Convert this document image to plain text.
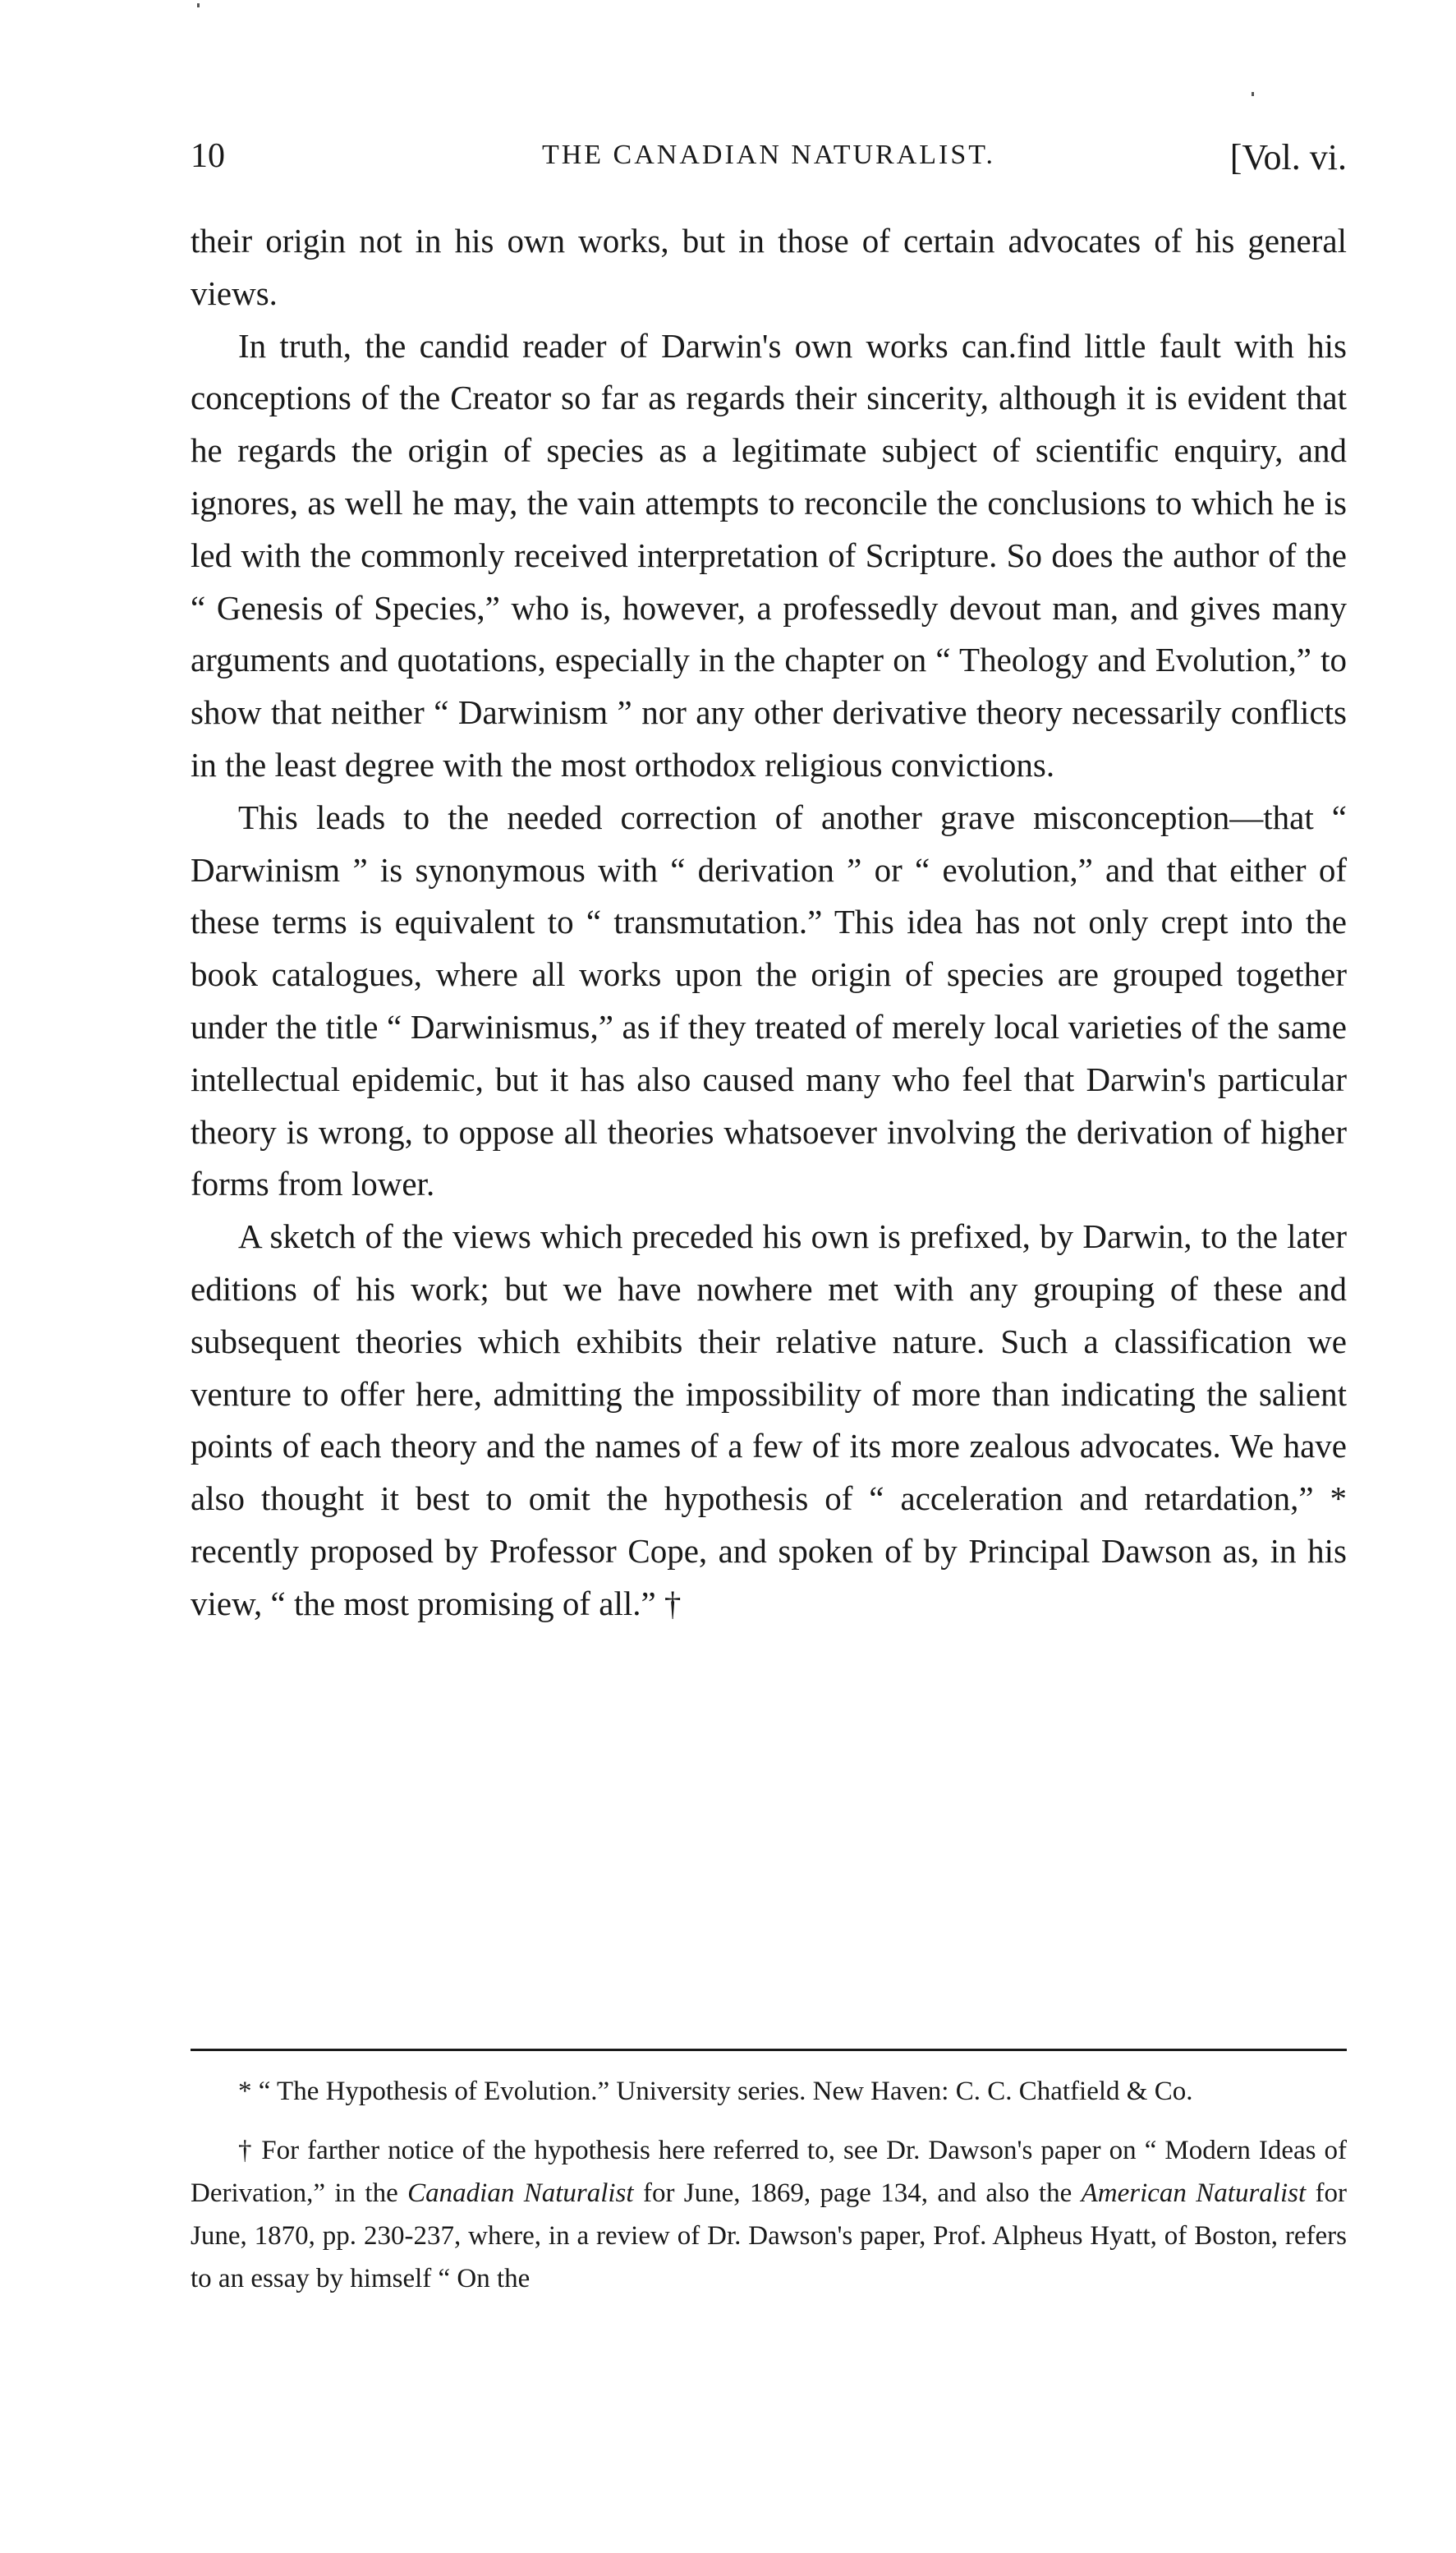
10	THE CANADIAN NATURALIST.	[Vol. vi.

their origin not in his own works, but in those of certain advocates of his general views.

In truth, the candid reader of Darwin's own works can.find little fault with his conceptions of the Creator so far as regards their sincerity, although it is evident that he regards the origin of species as a legitimate subject of scientific enquiry, and ignores, as well he may, the vain attempts to reconcile the conclusions to which he is led with the commonly received interpretation of Scripture. So does the author of the “ Genesis of Species,” who is, however, a professedly devout man, and gives many arguments and quotations, especially in the chapter on “ Theology and Evolution,” to show that neither “ Darwinism ” nor any other derivative theory necessarily conflicts in the least degree with the most orthodox religious convictions.

This leads to the needed correction of another grave misconception—that “ Darwinism ” is synonymous with “ derivation ” or “ evolution,” and that either of these terms is equivalent to “ transmutation.” This idea has not only crept into the book catalogues, where all works upon the origin of species are grouped together under the title “ Darwinismus,” as if they treated of merely local varieties of the same intellectual epidemic, but it has also caused many who feel that Darwin's particular theory is wrong, to oppose all theories whatsoever involving the derivation of higher forms from lower.

A sketch of the views which preceded his own is prefixed, by Darwin, to the later editions of his work; but we have nowhere met with any grouping of these and subsequent theories which exhibits their relative nature. Such a classification we venture to offer here, admitting the impossibility of more than indicating the salient points of each theory and the names of a few of its more zealous advocates. We have also thought it best to omit the hypothesis of “ acceleration and retardation,” * recently proposed by Professor Cope, and spoken of by Principal Dawson as, in his view, “ the most promising of all.” †

* “ The Hypothesis of Evolution.” University series. New Haven: C. C. Chatfield & Co.

† For farther notice of the hypothesis here referred to, see Dr. Dawson's paper on “ Modern Ideas of Derivation,” in the Canadian Naturalist for June, 1869, page 134, and also the American Naturalist for June, 1870, pp. 230-237, where, in a review of Dr. Dawson's paper, Prof. Alpheus Hyatt, of Boston, refers to an essay by himself “ On the
